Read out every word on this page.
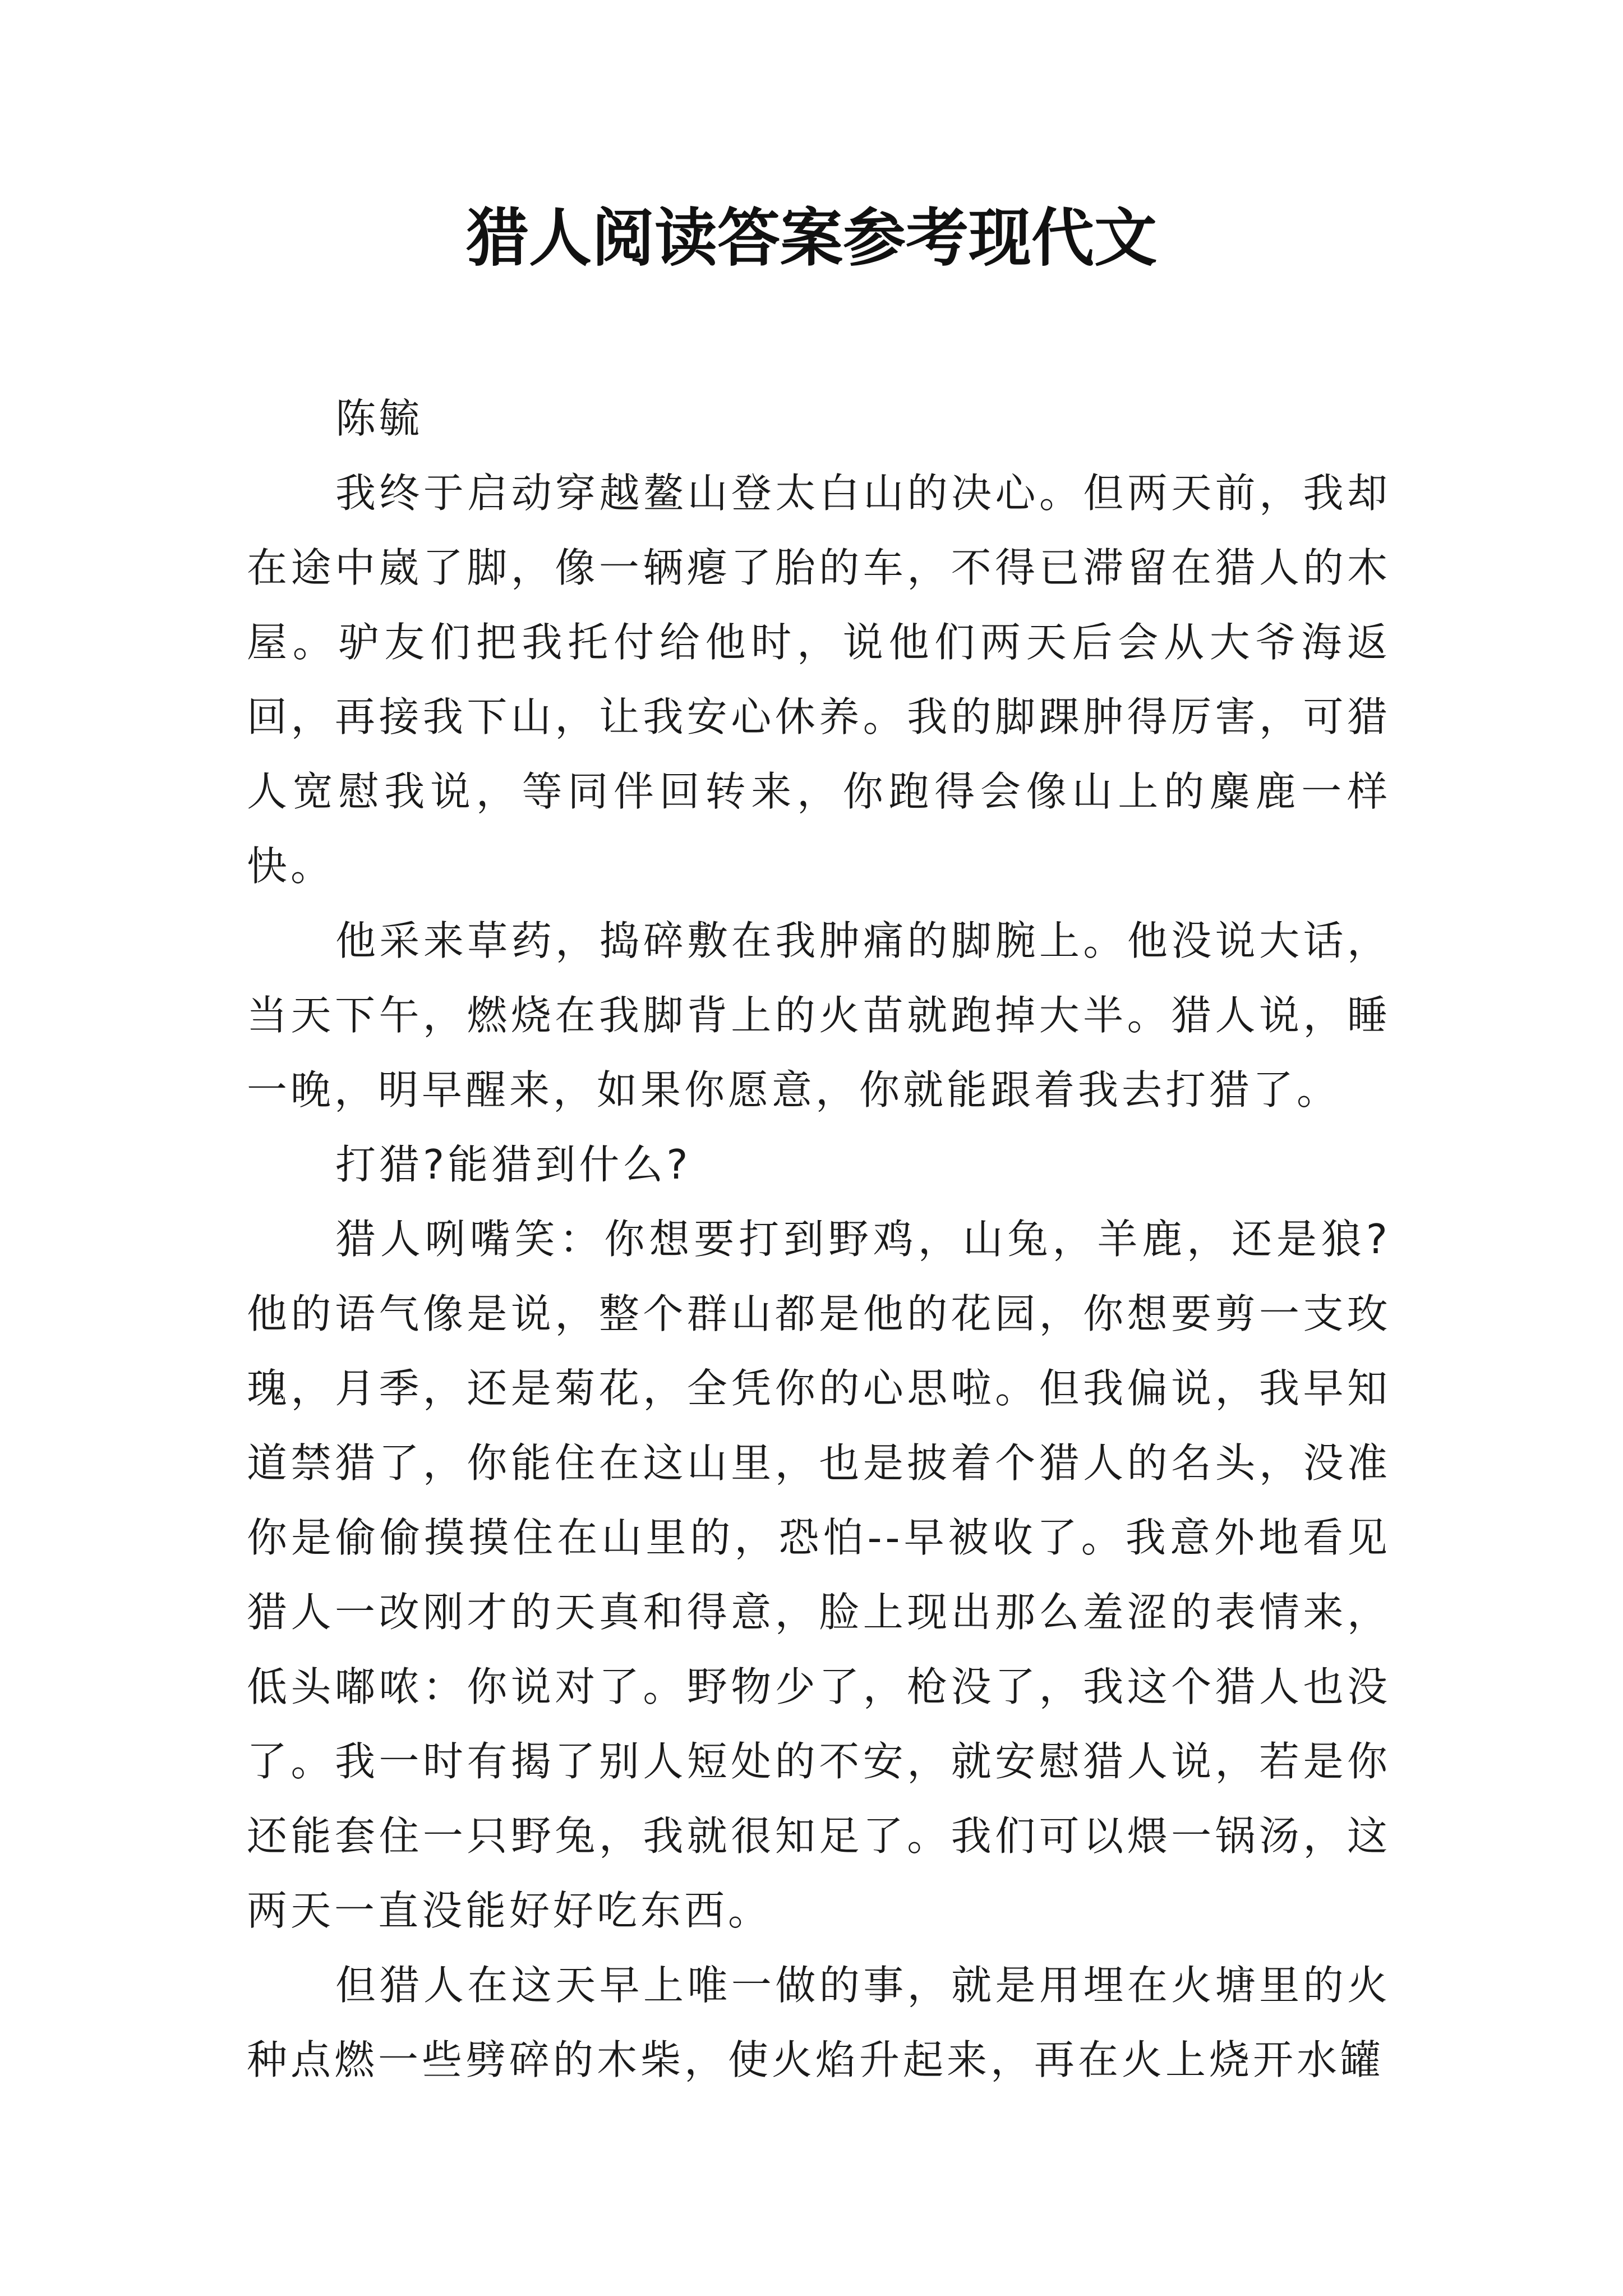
猎人阅读答案参考现代文

陈毓

我终于启动穿越鳌山登太白山的决心。但两天前，我却在途中崴了脚，像一辆瘪了胎的车，不得已滞留在猎人的木屋。驴友们把我托付给他时，说他们两天后会从大爷海返回，再接我下山，让我安心休养。我的脚踝肿得厉害，可猎人宽慰我说，等同伴回转来，你跑得会像山上的麋鹿一样快。

他采来草药，捣碎敷在我肿痛的脚腕上。他没说大话，当天下午，燃烧在我脚背上的火苗就跑掉大半。猎人说，睡一晚，明早醒来，如果你愿意，你就能跟着我去打猎了。

打猎?能猎到什么?

猎人咧嘴笑：你想要打到野鸡，山兔，羊鹿，还是狼?他的语气像是说，整个群山都是他的花园，你想要剪一支玫瑰，月季，还是菊花，全凭你的心思啦。但我偏说，我早知道禁猎了，你能住在这山里，也是披着个猎人的名头，没准你是偷偷摸摸住在山里的，恐怕--早被收了。我意外地看见猎人一改刚才的天真和得意，脸上现出那么羞涩的表情来，低头嘟哝：你说对了。野物少了，枪没了，我这个猎人也没了。我一时有揭了别人短处的不安，就安慰猎人说，若是你还能套住一只野兔，我就很知足了。我们可以煨一锅汤，这两天一直没能好好吃东西。

但猎人在这天早上唯一做的事，就是用埋在火塘里的火种点燃一些劈碎的木柴，使火焰升起来，再在火上烧开水罐
